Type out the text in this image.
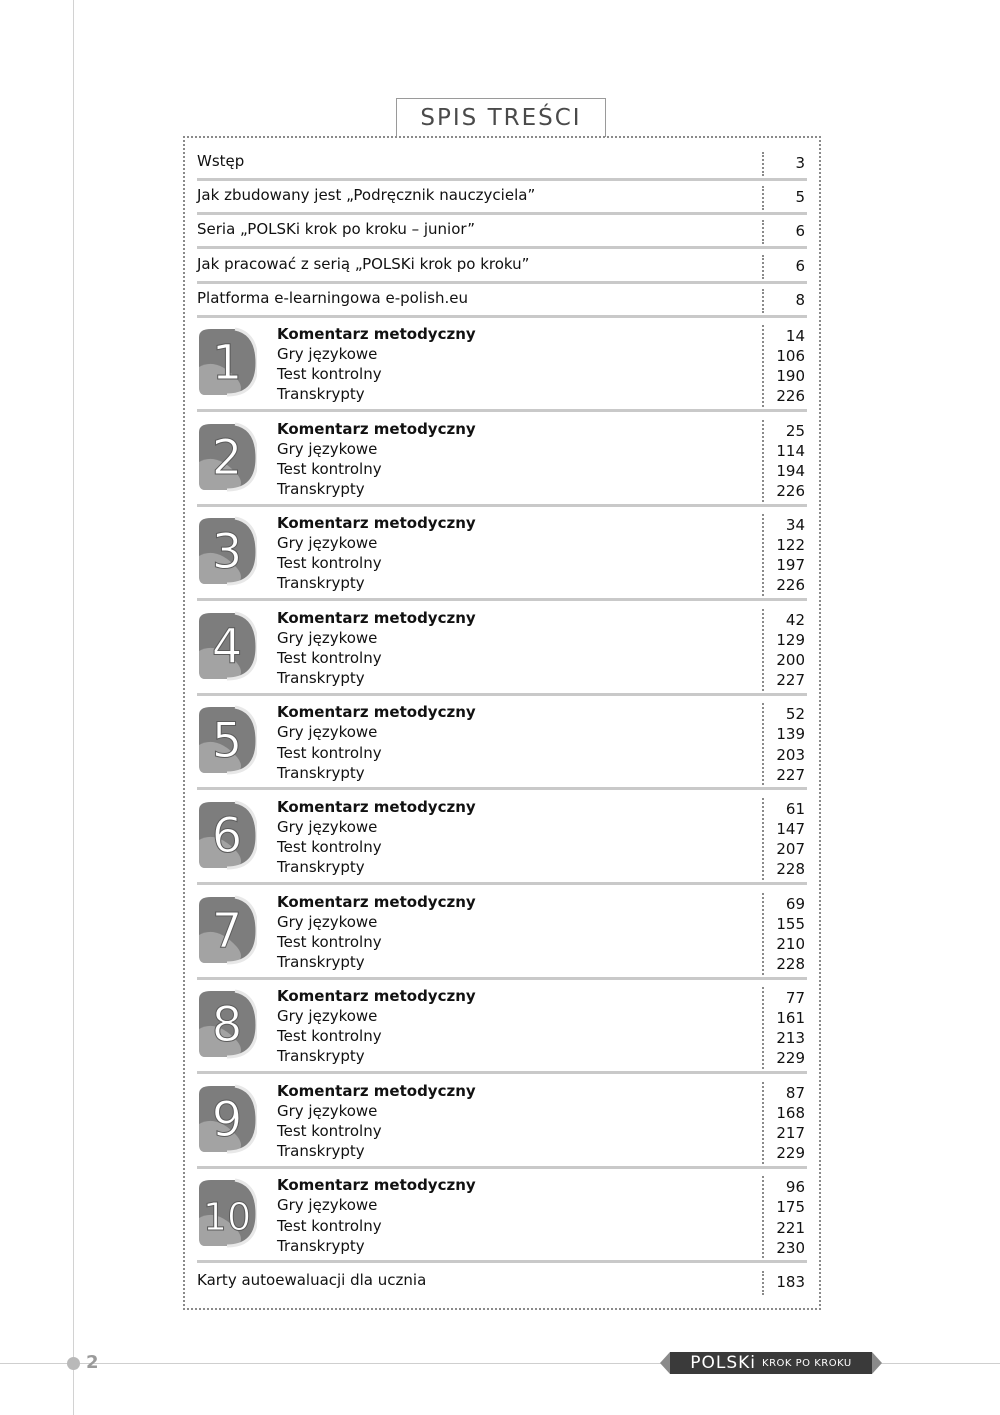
SPIS TREŚCI
Wstęp	3
Jak zbudowany jest „Podręcznik nauczyciela”	5
Seria „POLSKi krok po kroku – junior”	6
Jak pracować z serią „POLSKi krok po kroku”	6
Platforma e-learningowa e-polish.eu	8
1
Komentarz metodyczny	14
Gry językowe	106
Test kontrolny	190
Transkrypty	226
2
Komentarz metodyczny	25
Gry językowe	114
Test kontrolny	194
Transkrypty	226
3
Komentarz metodyczny	34
Gry językowe	122
Test kontrolny	197
Transkrypty	226
4
Komentarz metodyczny	42
Gry językowe	129
Test kontrolny	200
Transkrypty	227
5
Komentarz metodyczny	52
Gry językowe	139
Test kontrolny	203
Transkrypty	227
6
Komentarz metodyczny	61
Gry językowe	147
Test kontrolny	207
Transkrypty	228
7
Komentarz metodyczny	69
Gry językowe	155
Test kontrolny	210
Transkrypty	228
8
Komentarz metodyczny	77
Gry językowe	161
Test kontrolny	213
Transkrypty	229
9
Komentarz metodyczny	87
Gry językowe	168
Test kontrolny	217
Transkrypty	229
10
Komentarz metodyczny	96
Gry językowe	175
Test kontrolny	221
Transkrypty	230
Karty autoewaluacji dla ucznia	183
2	POLSKi KROK PO KROKU
